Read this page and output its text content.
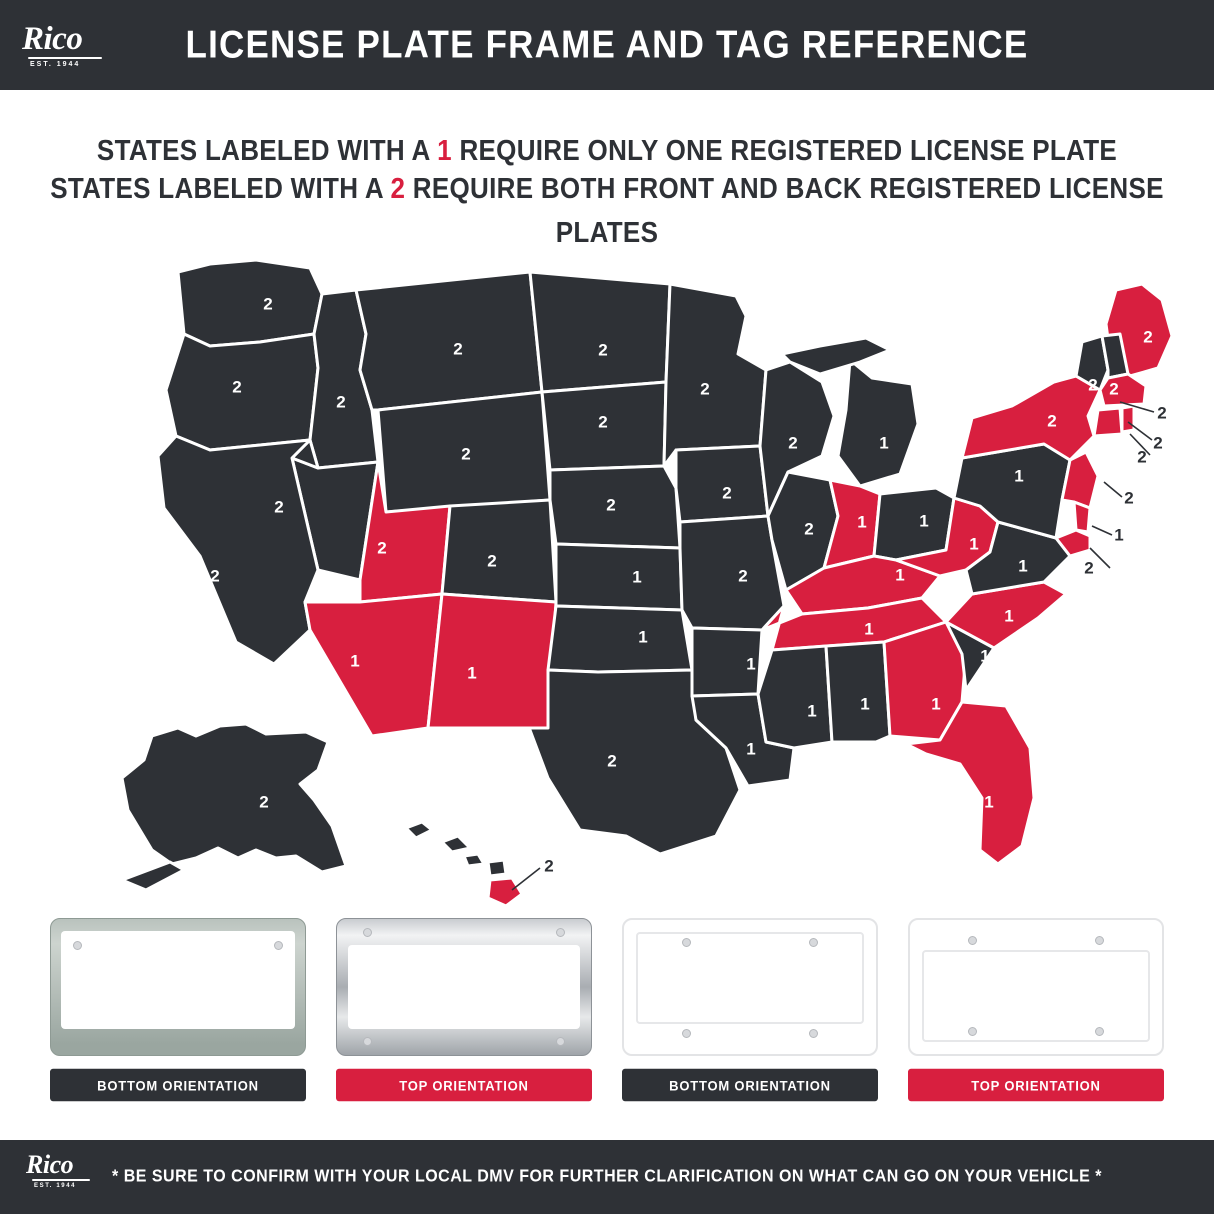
Rico
EST. 1944	LICENSE PLATE FRAME AND TAG REFERENCE
STATES LABELED WITH A 1 REQUIRE ONLY ONE REGISTERED LICENSE PLATE
STATES LABELED WITH A 2 REQUIRE BOTH FRONT AND BACK REGISTERED LICENSE PLATES
2
2
2
2	2
2
2
2
2
2
2
2
2
2
2
1
1
1	2
2
1
1	1
1
2
2
2 2
2
2
2
2
1
2
1
1
1
1
1
1
1
1
1
1
1
1
2
1
2
2
BOTTOM ORIENTATION	TOP ORIENTATION	BOTTOM ORIENTATION	TOP ORIENTATION
Rico
EST. 1944
* BE SURE TO CONFIRM WITH YOUR LOCAL DMV FOR FURTHER CLARIFICATION ON WHAT CAN GO ON YOUR VEHICLE *
